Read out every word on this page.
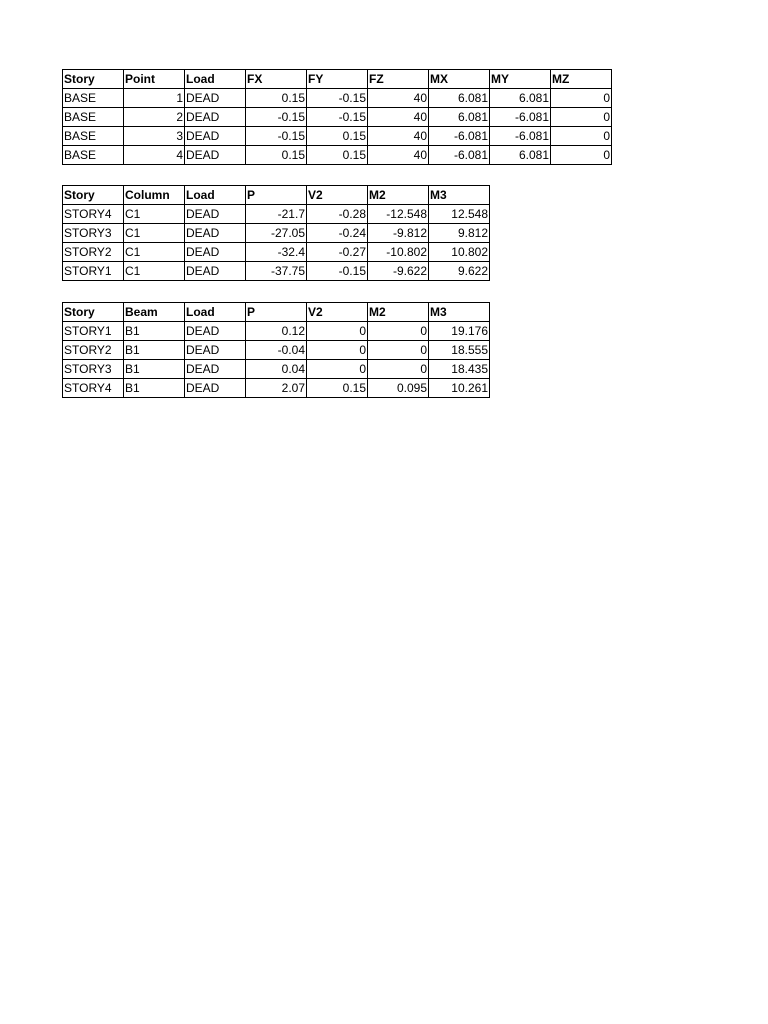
Story	Point	Load	FX	FY	FZ	MX	MY	MZ
BASE	1	DEAD	0.15	-0.15	40	6.081	6.081	0
BASE	2	DEAD	-0.15	-0.15	40	6.081	-6.081	0
BASE	3	DEAD	-0.15	0.15	40	-6.081	-6.081	0
BASE	4	DEAD	0.15	0.15	40	-6.081	6.081	0
Story	Column	Load	P	V2	M2	M3
STORY4	C1	DEAD	-21.7	-0.28	-12.548	12.548
STORY3	C1	DEAD	-27.05	-0.24	-9.812	9.812
STORY2	C1	DEAD	-32.4	-0.27	-10.802	10.802
STORY1	C1	DEAD	-37.75	-0.15	-9.622	9.622
Story	Beam	Load	P	V2	M2	M3
STORY1	B1	DEAD	0.12	0	0	19.176
STORY2	B1	DEAD	-0.04	0	0	18.555
STORY3	B1	DEAD	0.04	0	0	18.435
STORY4	B1	DEAD	2.07	0.15	0.095	10.261
